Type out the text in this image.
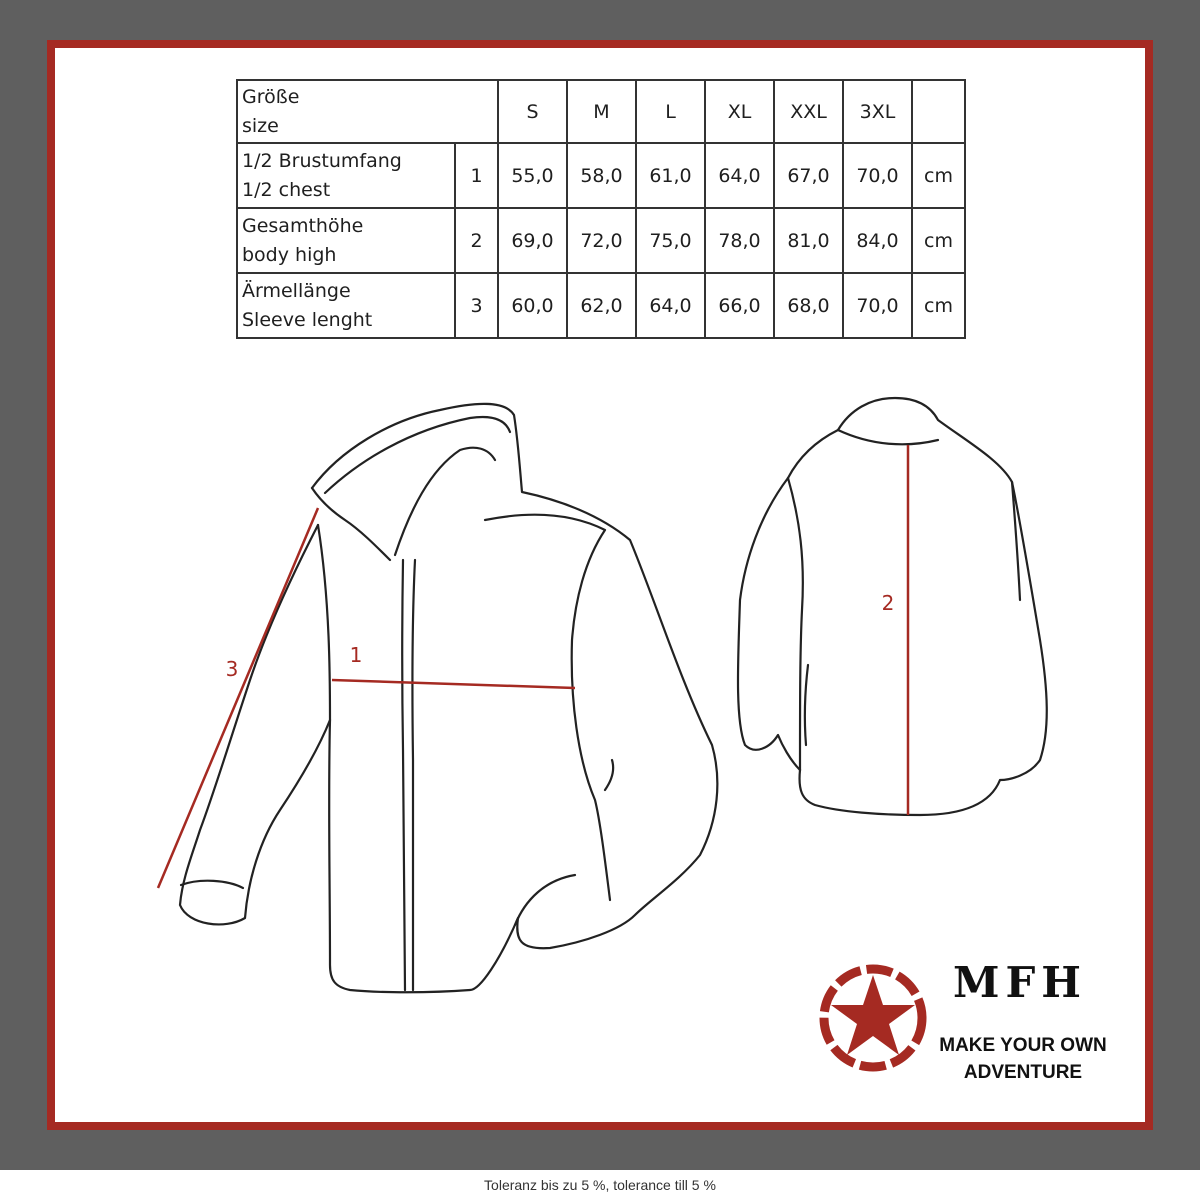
Größe
size		S	M	L	XL	XXL	3XL	
1/2 Brustumfang
1/2 chest	1	55,0	58,0	61,0	64,0	67,0	70,0	cm
Gesamthöhe
body high	2	69,0	72,0	75,0	78,0	81,0	84,0	cm
Ärmellänge
Sleeve lenght	3	60,0	62,0	64,0	66,0	68,0	70,0	cm
1
2
3
MFH
MAKE YOUR OWN
ADVENTURE
Toleranz bis zu 5 %, tolerance till 5 %
